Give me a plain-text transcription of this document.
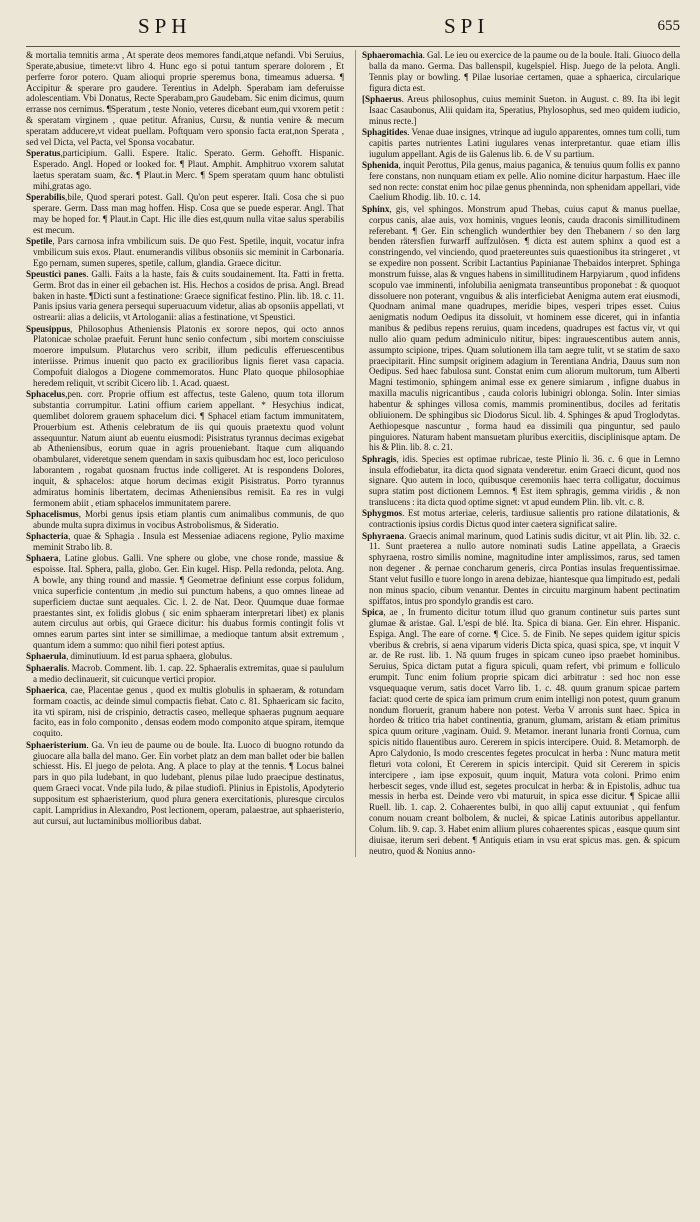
SPH	SPI	655

& mortalia temnitis arma , At sperate deos memores fandi,atque nefandi. Vbi Seruius, Sperate,abusiue, timete:vt libro 4. Hunc ego si potui tantum sperare dolorem , Et perferre foror potero. Quam alioqui proprie speremus bona, timeamus aduersa. ¶ Accipitur & sperare pro gaudere. Terentius in Adelph. Sperabam iam deferuisse adolescentiam. Vbi Donatus, Recte Sperabam,pro Gaudebam. Sic enim dicimus, quum errasse nos cernimus. ¶Speratum , teste Nonio, veteres dicebant eum,qui vxorem petit : & speratam virginem , quae petitur. Afranius, Cursu, & nuntia venire & mecum speratam adducere,vt videat puellam. Poftquam vero sponsio facta erat,non Sperata , sed vel Dicta, vel Pacta, vel Sponsa vocabatur.

Speratus,participium. Galli. Espere. Italic. Sperato. Germ. Gehofft. Hispanic. Esperado. Angl. Hoped or looked for. ¶ Plaut. Amphit. Amphitruo vxorem salutat laetus speratam suam, &c. ¶ Plaut.in Merc. ¶ Spem speratam quum hanc obtulisti mihi,gratas ago.

Sperabilis,bile, Quod sperari potest. Gall. Qu'on peut esperer. Itali. Cosa che si puo sperare. Germ. Dass man mag hoffen. Hisp. Cosa que se puede esperar. Angl. That may be hoped for. ¶ Plaut.in Capt. Hic ille dies est,quum nulla vitae salus sperabilis est mecum.

Spetile, Pars carnosa infra vmbilicum suis. De quo Fest. Spetile, inquit, vocatur infra vmbilicum suis exos. Plaut. enumerandis vilibus obsoniis sic meminit in Carbonaria. Ego pernam, sumen superes, spetile, callum, glandia. Graece dicitur.

Speusticì panes. Galli. Faits a la haste, fais & cuits soudainement. Ita. Fatti in fretta. Germ. Brot das in einer eil gebachen ist. His. Hechos a cosidos de prisa. Angl. Bread baken in haste. ¶Dicti sunt a festinatione: Graece significat festino. Plin. lib. 18. c. 11. Panis ipsius varia genera persequi superuacuum videtur, alias ab opsoniis appellati, vt ostrearii: alias a deliciis, vt Artologanii: alias a festinatione, vt Speustici.

Speusippus, Philosophus Atheniensis Platonis ex sorore nepos, qui octo annos Platonicae scholae praefuit. Ferunt hunc senio confectum , sibi mortem consciuisse moerore impulsum. Plutarchus vero scribit, illum pediculis efferuescentibus interiisse. Primus inuenit quo pacto ex gracilioribus lignis fieret vasa capacia. Compofuit dialogos a Diogene commemoratos. Hunc Plato quoque philosophiae heredem reliquit, vt scribit Cicero lib. 1. Acad. quaest.

Sphacelus,pen. corr. Proprie offium est affectus, teste Galeno, quum tota illorum substantia corrumpitur. Latini offium cariem appellant. * Hesychius indicat, quemlibet dolorem grauem sphacelum dici. ¶ Sphacel etiam factum immunitatem, Prouerbium est. Athenis celebratum de iis qui quouis praetextu quod volunt assequuntur. Natum aiunt ab euentu eiusmodi: Pisistratus tyrannus decimas exigebat ab Atheniensibus, eorum quae in agris proueniebant. Itaque cum aliquando obambularet, videretque senem quendam in saxis quibusdam hoc est, loco periculoso laborantem , rogabat quosnam fructus inde colligeret. At is respondens Dolores, inquit, & sphacelos: atque horum decimas exigit Pisistratus. Porro tyrannus admiratus hominis libertatem, decimas Atheniensibus remisit. Ea res in vulgi fermonem abiit , etiam sphacelos immunitatem parere.

Sphacelismus, Morbi genus ipsis etiam plantis cum animalibus communis, de quo abunde multa supra diximus in vocibus Astrobolismus, & Sideratio.

Sphacteria, quae & Sphagia . Insula est Messeniae adiacens regione, Pylio maxime meminit Strabo lib. 8.

Sphaera, Latine globus. Galli. Vne sphere ou globe, vne chose ronde, massiue & espoisse. Ital. Sphera, palla, globo. Ger. Ein kugel. Hisp. Pella redonda, pelota. Ang. A bowle, any thing round and massie. ¶ Geometrae definiunt esse corpus folidum, vnica superficie contentum ,in medio sui punctum habens, a quo omnes lineae ad superficiem ductae sunt aequales. Cic. l. 2. de Nat. Deor. Quumque duae formae praestantes sint, ex folidis globus ( sic enim sphaeram interpretari libet) ex planis autem circulus aut orbis, qui Graece dicitur: his duabus formis contingit folis vt omnes earum partes sint inter se simillimae, a medioque tantum absit extremum , quantum idem a summo: quo nihil fieri potest aptius.

Sphaerula, diminutiuum. Id est parua sphaera, globulus.

Sphaeralis. Macrob. Comment. lib. 1. cap. 22. Sphaeralis extremitas, quae si paululum a medio declinauerit, sit cuicunque vertici propior.

Sphaerica, cae, Placentae genus , quod ex multis globulis in sphaeram, & rotundam formam coactis, ac deinde simul compactis fiebat. Cato c. 81. Sphaericam sic facito, ita vti spiram, nisi de crispinio, detractis caseo, melleque sphaeras pugnum aequare facito, eas in folo componito , densas eodem modo componito atque spiram, itemque coquito.

Sphaeristerium. Ga. Vn ieu de paume ou de boule. Ita. Luoco di buogno rotundo da giuocare alla balla del mano. Ger. Ein vorbet platz an dem man ballet oder bie ballen schiesst. His. El juego de pelota. Ang. A place to play at the tennis. ¶ Locus balnei pars in quo pila ludebant, in quo ludebant, plenus pilae ludo praecipue destinatus, quem Graeci vocat. Vnde pila ludo, & pilae studiofi. Plinius in Epistolis, Apodyterio suppositum est sphaeristerium, quod plura genera exercitationis, pluresque circulos capit. Lampridius in Alexandro, Post lectionem, operam, palaestrae, aut sphaeristerio, aut cursui, aut luctaminibus mollioribus dabat.

Sphaeromachia. Gal. Le ieu ou exercice de la paume ou de la boule. Itali. Giuoco della balla da mano. Germa. Das ballenspil, kugelspiel. Hisp. Juego de la pelota. Angli. Tennis play or bowling. ¶ Pilae lusoriae certamen, quae a sphaerica, circularique figura dicta est.

[Sphaerus. Areus philosophus, cuius meminit Sueton. in August. c. 89. Ita ibi legit Isaac Casaubonus, Alii quidam ita, Speratius, Phylosophus, sed meo quidem iudicio, minus recte.]

Sphagitides. Venae duae insignes, vtrinque ad iugulo apparentes, omnes tum colli, tum capitis partes nutrientes Latini iugulares venas interpretantur. quae etiam illis iugulum appellant. Agis de iis Galenus lib. 6. de V su partium.

Sphenida, inquit Perottus, Pila genus, maius paganica, & tenuius quum follis ex panno fere constans, non nunquam etiam ex pelle. Alio nomine dicitur harpastum. Haec ille sed non recte: constat enim hoc pilae genus phenninda, non sphenidam appellari, vide Caelium Rhodig. lib. 10. c. 14.

Sphinx, gis, vel sphingos. Monstrum apud Thebas, cuius caput & manus puellae, corpus canis, alae auis, vox hominis, vngues leonis, cauda draconis simillitudinem referebant. ¶ Ger. Ein schenglich wunderthier bey den Thebanern / so den larg benden rätersfien furwarff auffzulösen. ¶ dicta est autem sphinx a quod est a constringendo, vel vinciendo, quod praetereuntes suis quaestionibus ita stringeret , vt se expedire non possent. Scribit Lactantius Papinianae Thebaidos interpret. Sphinga monstrum fuisse, alas & vngues habens in simillitudinem Harpyiarum , quod infidens scopulo vae imminenti, infolubilia aenigmata transeuntibus proponebat : & quoquot dissoluere non poterant, vnguibus & alis interficiebat Aenigma autem erat eiusmodi, Quodnam animal mane quadrupes, meridie bipes, vesperi tripes esset. Cuius aenigmatis nodum Oedipus ita dissoluit, vt hominem esse diceret, qui in infantia manibus & pedibus repens reruius, quam incedens, quadrupes est factus vir, vt qui nullo alio quam pedum adminiculo nititur, bipes: ingrauescentibus autem annis, assumpto scipione, tripes. Quam solutionem illa tam aegre tulit, vt se statim de saxo praecipitarit. Hinc sumpsit originem adagium in Terentiana Andria, Dauus sum non Oedipus. Sed haec fabulosa sunt. Constat enim cum aliorum multorum, tum Alberti Magni testimonio, sphingem animal esse ex genere simiarum , infigne duabus in maxilla maculis nigricantibus , cauda coloris lubinigri oblonga. Solin. Inter simias habentur & sphinges villosa comis, mammis prominentibus, dociles ad feritatis obliuionem. De sphingibus sic Diodorus Sicul. lib. 4. Sphinges & apud Troglodytas. Aethiopesque nascuntur , forma haud ea dissimili qua pinguntur, sed paulo pinguiores. Naturam habent mansuetam pluribus exercitiis, disciplinisque aptam. De his & Plin. lib. 8. c. 21.

Sphragis, idis. Species est optimae rubricae, teste Plinio li. 36. c. 6 que in Lemno insula effodiebatur, ita dicta quod signata venderetur. enim Graeci dicunt, quod nos signare. Quo autem in loco, quibusque ceremoniis haec terra colligatur, docuimus supra statim post dictionem Lemnos. ¶ Est item sphragis, gemma viridis , & non translucens : ita dicta quod optime signet: vt apud eundem Plin. lib. vlt. c. 8.

Sphygmos. Est motus arteriae, celeris, tardiusue salientis pro ratione dilatationis, & contractionis ipsius cordis Dictus quod inter caetera significat salire.

Sphyraena. Graecis animal marinum, quod Latinis sudis dicitur, vt ait Plin. lib. 32. c. 11. Sunt praeterea a nullo autore nominati sudis Latine appellata, a Graecis sphyraena, rostro similis nomine, magnitudine inter amplissimos, rarus, sed tamen non degener . & pernae concharum generis, circa Pontias insulas frequentissimae. Stant velut fusillo e tuore longo in arena debizae, hiantesque qua limpitudo est, pedali non minus spacio, cibum venantur. Dentes in circuitu marginum habent pectinatim spiffatos, intus pro spondylo grandis est caro.

Spica, ae , In frumento dicitur totum illud quo granum continetur suis partes sunt glumae & aristae. Gal. L'espi de blé. Ita. Spica di biana. Ger. Ein ehrer. Hispanic. Espiga. Angl. The eare of corne. ¶ Cice. 5. de Finib. Ne sepes quidem igitur spicis vberibus & crebris, si aena viparum videris Dicta spica, quasi spica, spe, vt inquit V ar. de Re rust. lib. 1. Nā quum fruges in spicam cuneo ipso praebet hominibus. Seruius, Spica dictam putat a figura spiculi, quam refert, vbi primum e folliculo erumpit. Tunc enim folium proprie spicam dici arbitratur : sed hoc non esse vsquequaque verum, satis docet Varro lib. 1. c. 48. quum granum spicae partem faciat: quod certe de spica iam primum crum enim intelligi non potest, quum granum nondum floruerit, granum habere non potest. Verba V arronis sunt haec. Spica in hordeo & tritico tria habet continentia, granum, glumam, aristam & etiam primitus spica quum oriture ,vaginam. Ouid. 9. Metamor. inerant lunaria fronti Cornua, cum spicis nitido flauentibus auro. Cererem in spicis intercipere. Ouid. 8. Metamorph. de Apro Calydonio, Is modo crescentes fegetes proculcat in herba : Nunc matura metit fleturi vota coloni, Et Cererem in spicis intercipit. Quid sit Cererem in spicis intercipere , iam ipse exposuit, quum inquit, Matura vota coloni. Primo enim herbescit seges, vnde illud est, segetes proculcat in herba: & in Epistolis, adhuc tua messis in herba est. Deinde vero vbi maturuit, in spica esse dicitur. ¶ Spicae allii Ruell. lib. 1. cap. 2. Cohaerentes bulbi, in quo allij caput extuuniat , qui fenfum conum nouam creant bolbolem, & nuclei, & spicae Latinis autoribus appellantur. Colum. lib. 9. cap. 3. Habet enim allium plures cohaerentes spicas , easque quum sint diuisae, iterum seri debent. ¶ Antiquis etiam in vsu erat spicus mas. gen. & spicum neutro, quod & Nonius anno-
